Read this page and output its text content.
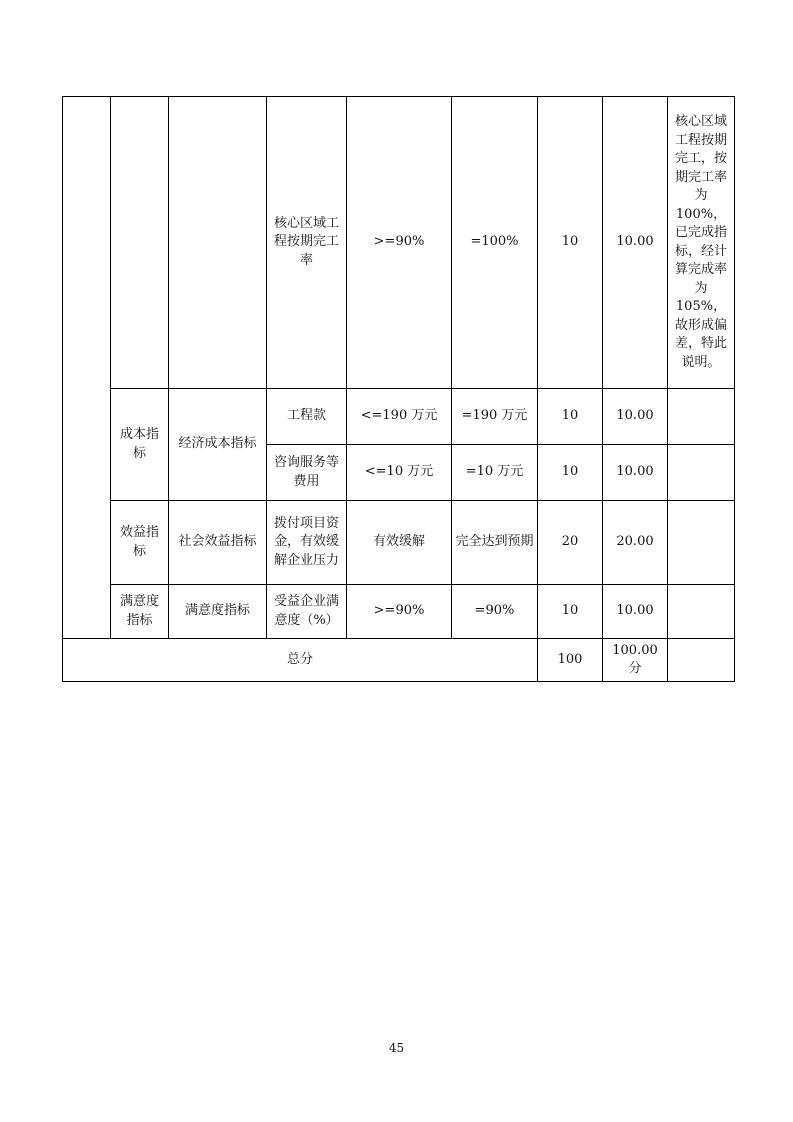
			核心区域工程按期完工率	>=90%	=100%	10	10.00	核心区域工程按期完工，按期完工率为100%，已完成指标，经计算完成率为105%，故形成偏差，特此说明。
	成本指标	经济成本指标	工程款	<=190 万元	=190 万元	10	10.00	
			咨询服务等费用	<=10 万元	=10 万元	10	10.00	
	效益指标	社会效益指标	拨付项目资金，有效缓解企业压力	有效缓解	完全达到预期	20	20.00	
	满意度指标	满意度指标	受益企业满意度（%）	>=90%	=90%	10	10.00	
总分						100	100.00分	
45
